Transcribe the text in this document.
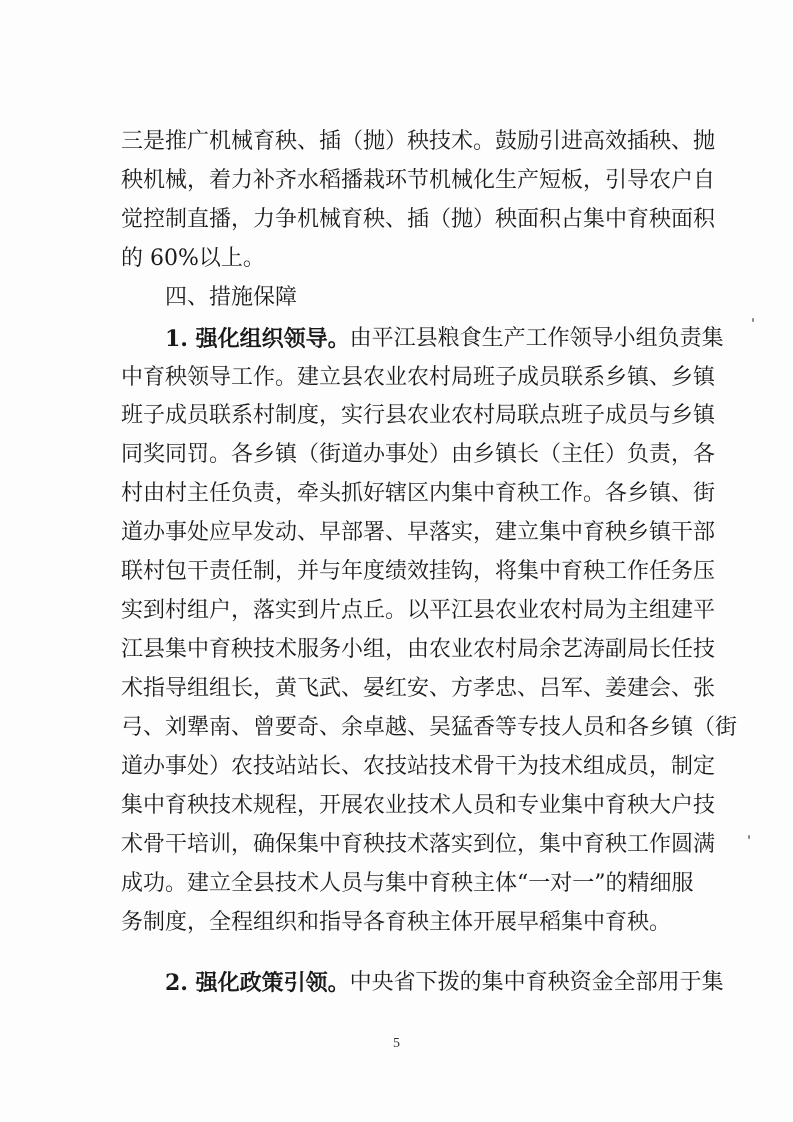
三是推广机械育秧、插（抛）秧技术。鼓励引进高效插秧、抛
秧机械，着力补齐水稻播栽环节机械化生产短板，引导农户自
觉控制直播，力争机械育秧、插（抛）秧面积占集中育秧面积
的 60%以上。
四、措施保障
1. 强化组织领导。 由平江县粮食生产工作领导小组负责集
中育秧领导工作。建立县农业农村局班子成员联系乡镇、乡镇
班子成员联系村制度，实行县农业农村局联点班子成员与乡镇
同奖同罚。各乡镇（街道办事处）由乡镇长（主任）负责，各
村由村主任负责，牵头抓好辖区内集中育秧工作。各乡镇、街
道办事处应早发动、早部署、早落实，建立集中育秧乡镇干部
联村包干责任制，并与年度绩效挂钩，将集中育秧工作任务压
实到村组户，落实到片点丘。以平江县农业农村局为主组建平
江县集中育秧技术服务小组，由农业农村局余艺涛副局长任技
术指导组组长，黄飞武、晏红安、方孝忠、吕军、姜建会、张
弓、刘犟南、曾要奇、余卓越、吴猛香等专技人员和各乡镇（街
道办事处）农技站站长、农技站技术骨干为技术组成员，制定
集中育秧技术规程，开展农业技术人员和专业集中育秧大户技
术骨干培训，确保集中育秧技术落实到位，集中育秧工作圆满
成功。建立全县技术人员与集中育秧主体“一对一”的精细服
务制度，全程组织和指导各育秧主体开展早稻集中育秧。
2. 强化政策引领。 中央省下拨的集中育秧资金全部用于集
5
